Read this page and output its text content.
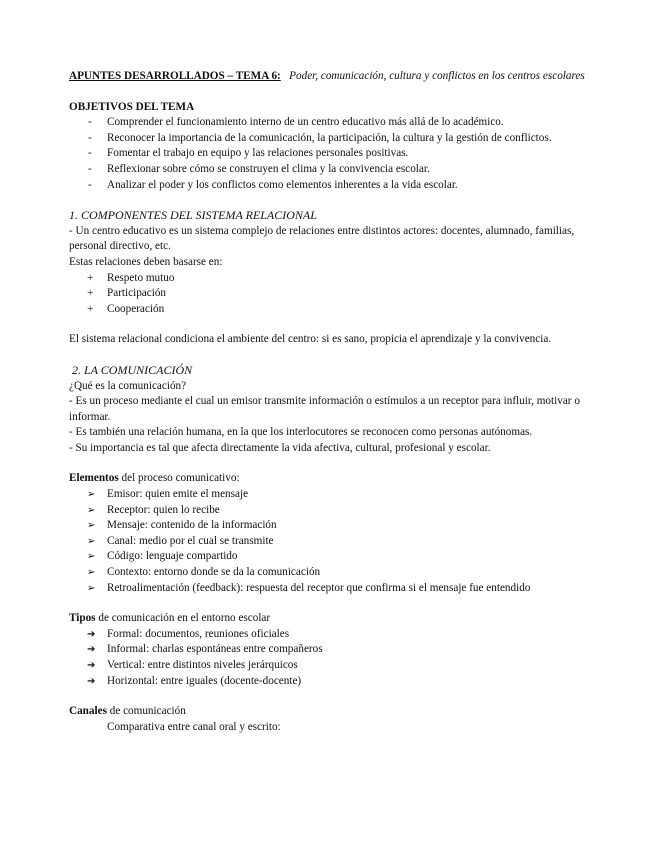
APUNTES DESARROLLADOS – TEMA 6: Poder, comunicación, cultura y conflictos en los centros escolares

OBJETIVOS DEL TEMA

- Comprender el funcionamiento interno de un centro educativo más allá de lo académico.
- Reconocer la importancia de la comunicación, la participación, la cultura y la gestión de conflictos.
- Fomentar el trabajo en equipo y las relaciones personales positivas.
- Reflexionar sobre cómo se construyen el clima y la convivencia escolar.
- Analizar el poder y los conflictos como elementos inherentes a la vida escolar.

1. COMPONENTES DEL SISTEMA RELACIONAL

- Un centro educativo es un sistema complejo de relaciones entre distintos actores: docentes, alumnado, familias, personal directivo, etc.

Estas relaciones deben basarse en:

+ Respeto mutuo
+ Participación
+ Cooperación

El sistema relacional condiciona el ambiente del centro: si es sano, propicia el aprendizaje y la convivencia.

2. LA COMUNICACIÓN

¿Qué es la comunicación?

- Es un proceso mediante el cual un emisor transmite información o estímulos a un receptor para influir, motivar o informar.

- Es también una relación humana, en la que los interlocutores se reconocen como personas autónomas.

- Su importancia es tal que afecta directamente la vida afectiva, cultural, profesional y escolar.

Elementos del proceso comunicativo:

➢ Emisor: quien emite el mensaje
➢ Receptor: quien lo recibe
➢ Mensaje: contenido de la información
➢ Canal: medio por el cual se transmite
➢ Código: lenguaje compartido
➢ Contexto: entorno donde se da la comunicación
➢ Retroalimentación (feedback): respuesta del receptor que confirma si el mensaje fue entendido

Tipos de comunicación en el entorno escolar

➔ Formal: documentos, reuniones oficiales
➔ Informal: charlas espontáneas entre compañeros
➔ Vertical: entre distintos niveles jerárquicos
➔ Horizontal: entre iguales (docente-docente)

Canales de comunicación

Comparativa entre canal oral y escrito:
